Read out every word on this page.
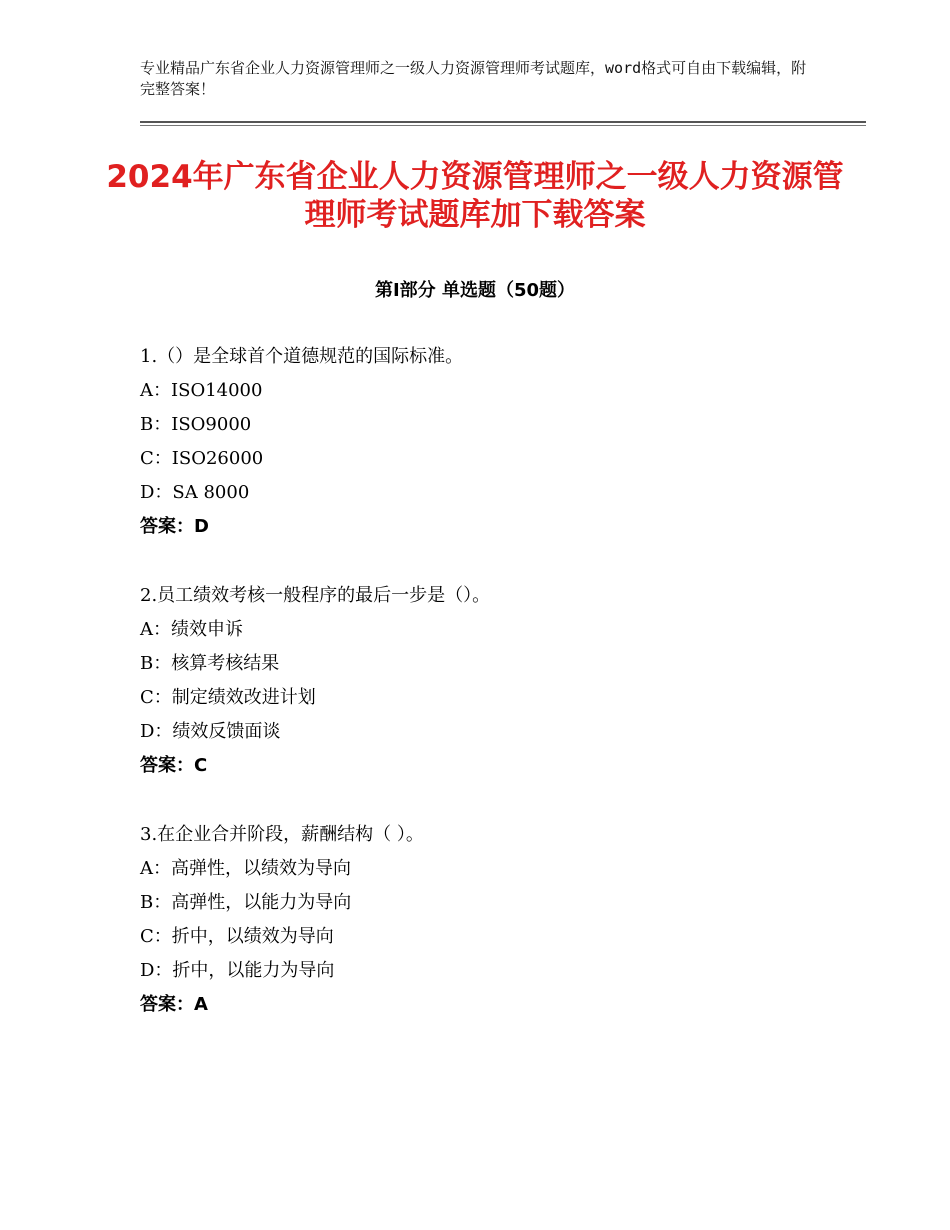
专业精品广东省企业人力资源管理师之一级人力资源管理师考试题库，word格式可自由下载编辑，附完整答案！
2024年广东省企业人力资源管理师之一级人力资源管理师考试题库加下载答案
第Ⅰ部分 单选题（50题）
1.（）是全球首个道德规范的国际标准。
A：ISO14000
B：ISO9000
C：ISO26000
D：SA 8000
答案：D
2.员工绩效考核一般程序的最后一步是（）。
A：绩效申诉
B：核算考核结果
C：制定绩效改进计划
D：绩效反馈面谈
答案：C
3.在企业合并阶段，薪酬结构（ ）。
A：高弹性，以绩效为导向
B：高弹性，以能力为导向
C：折中，以绩效为导向
D：折中，以能力为导向
答案：A
